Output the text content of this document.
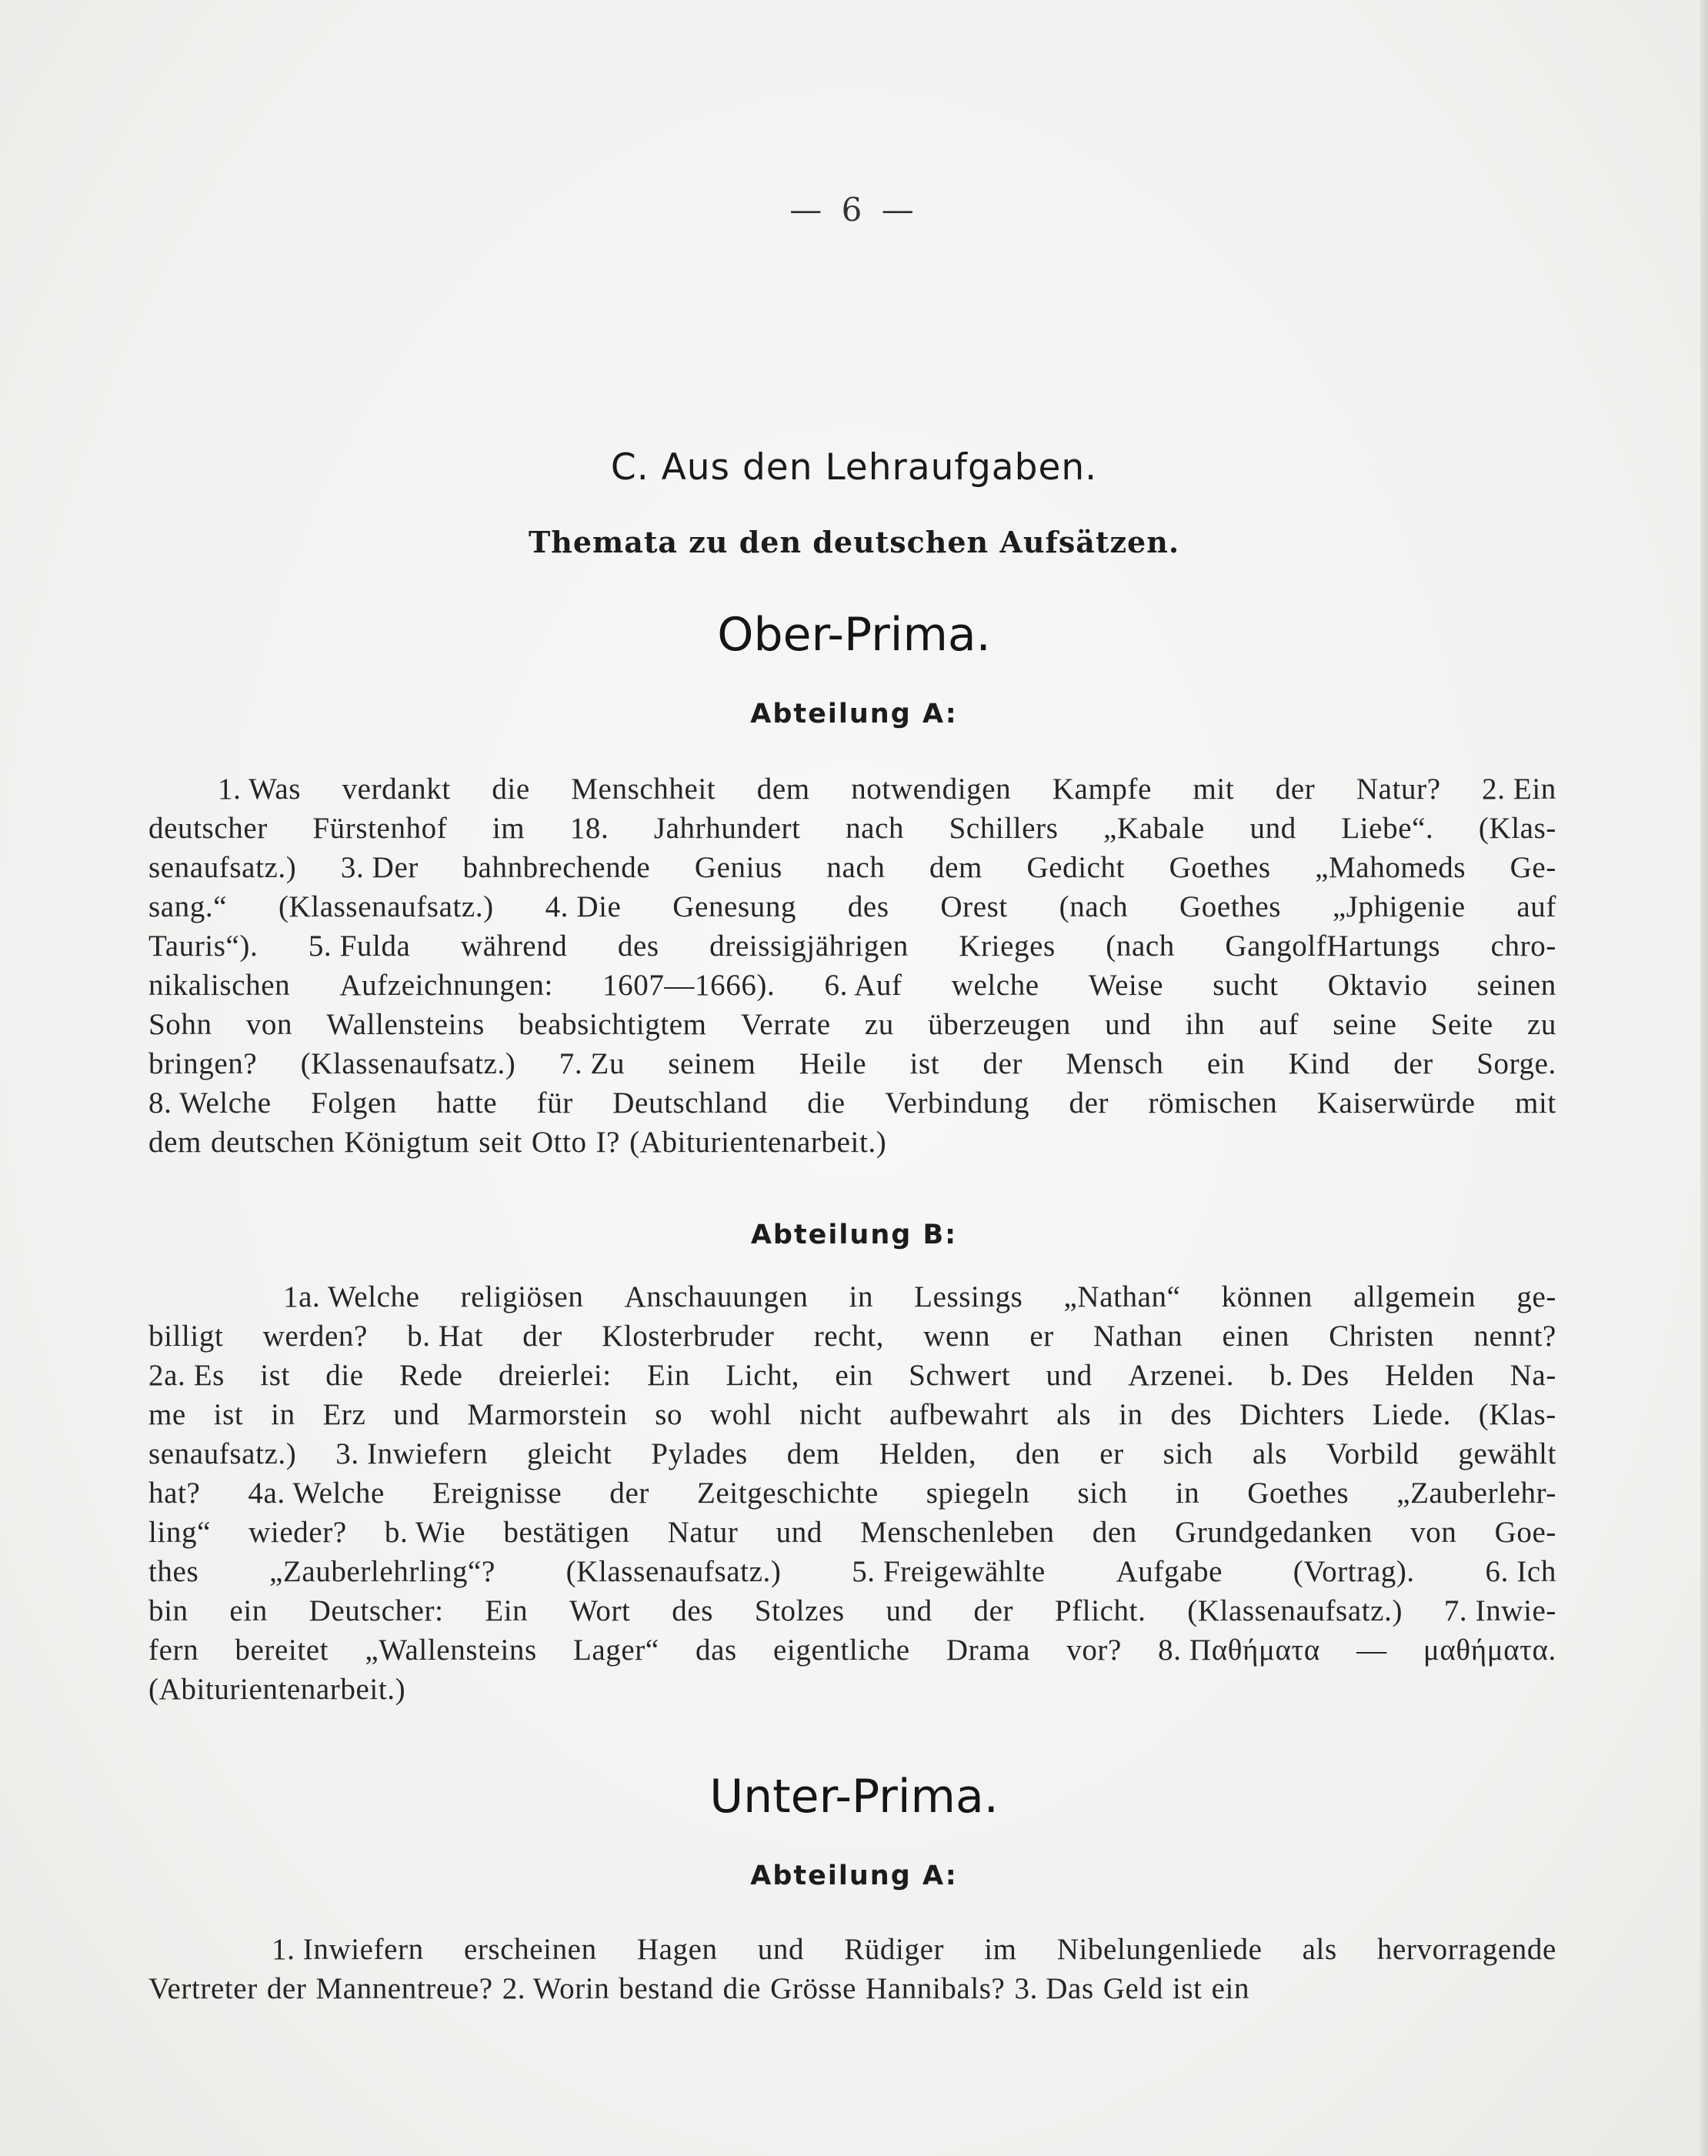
— 6 —
C. Aus den Lehraufgaben.
Themata zu den deutschen Aufsätzen.
Ober-Prima.
Abteilung A:
1. Was verdankt die Menschheit dem notwendigen Kampfe mit der Natur? 2. Ein
deutscher Fürstenhof im 18. Jahrhundert nach Schillers „Kabale und Liebe“. (Klas-
senaufsatz.) 3. Der bahnbrechende Genius nach dem Gedicht Goethes „Mahomeds Ge-
sang.“ (Klassenaufsatz.) 4. Die Genesung des Orest (nach Goethes „Jphigenie auf
Tauris“). 5. Fulda während des dreissigjährigen Krieges (nach GangolfHartungs chro-
nikalischen Aufzeichnungen: 1607—1666). 6. Auf welche Weise sucht Oktavio seinen
Sohn von Wallensteins beabsichtigtem Verrate zu überzeugen und ihn auf seine Seite zu
bringen? (Klassenaufsatz.) 7. Zu seinem Heile ist der Mensch ein Kind der Sorge.
8. Welche Folgen hatte für Deutschland die Verbindung der römischen Kaiserwürde mit
dem deutschen Königtum seit Otto I? (Abiturientenarbeit.)
Abteilung B:
1a. Welche religiösen Anschauungen in Lessings „Nathan“ können allgemein ge-
billigt werden? b. Hat der Klosterbruder recht, wenn er Nathan einen Christen nennt?
2a. Es ist die Rede dreierlei: Ein Licht, ein Schwert und Arzenei. b. Des Helden Na-
me ist in Erz und Marmorstein so wohl nicht aufbewahrt als in des Dichters Liede. (Klas-
senaufsatz.) 3. Inwiefern gleicht Pylades dem Helden, den er sich als Vorbild gewählt
hat? 4a. Welche Ereignisse der Zeitgeschichte spiegeln sich in Goethes „Zauberlehr-
ling“ wieder? b. Wie bestätigen Natur und Menschenleben den Grundgedanken von Goe-
thes „Zauberlehrling“? (Klassenaufsatz.) 5. Freigewählte Aufgabe (Vortrag). 6. Ich
bin ein Deutscher: Ein Wort des Stolzes und der Pflicht. (Klassenaufsatz.) 7. Inwie-
fern bereitet „Wallensteins Lager“ das eigentliche Drama vor? 8. Παθήματα — μαθήματα.
(Abiturientenarbeit.)
Unter-Prima.
Abteilung A:
1. Inwiefern erscheinen Hagen und Rüdiger im Nibelungenliede als hervorragende
Vertreter der Mannentreue? 2. Worin bestand die Grösse Hannibals? 3. Das Geld ist ein
